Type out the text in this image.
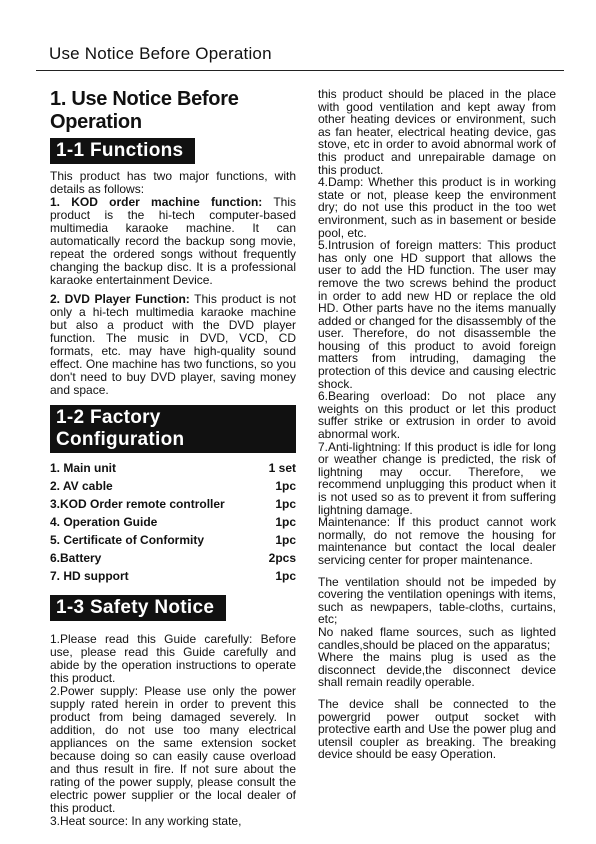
Use Notice Before Operation
1. Use Notice Before Operation
1-1 Functions

This product has two major functions, with details as follows:

1. KOD order machine function: This product is the hi-tech computer-based multimedia karaoke machine. It can automatically record the backup song movie, repeat the ordered songs without frequently changing the backup disc. It is a professional karaoke entertainment Device.

2. DVD Player Function: This product is not only a hi-tech multimedia karaoke machine but also a product with the DVD player function. The music in DVD, VCD, CD formats, etc. may have high-quality sound effect. One machine has two functions, so you don't need to buy DVD player, saving money and space.

1-2 Factory Configuration
1. Main unit	1 set
2. AV cable	1pc
3.KOD Order remote controller	1pc
4. Operation Guide	1pc
5. Certificate of Conformity	1pc
6.Battery	2pcs
7. HD support	1pc
1-3 Safety Notice

1.Please read this Guide carefully: Before use, please read this Guide carefully and abide by the operation instructions to operate this product.

2.Power supply: Please use only the power supply rated herein in order to prevent this product from being damaged severely. In addition, do not use too many electrical appliances on the same extension socket because doing so can easily cause overload and thus result in fire. If not sure about the rating of the power supply, please consult the electric power supplier or the local dealer of this product.

3.Heat source: In any working state,

this product should be placed in the place with good ventilation and kept away from other heating devices or environment, such as fan heater, electrical heating device, gas stove, etc in order to avoid abnormal work of this product and unrepairable damage on this product.

4.Damp: Whether this product is in working state or not, please keep the environment dry; do not use this product in the too wet environment, such as in basement or beside pool, etc.

5.Intrusion of foreign matters: This product has only one HD support that allows the user to add the HD function. The user may remove the two screws behind the product in order to add new HD or replace the old HD. Other parts have no the items manually added or changed for the disassembly of the user. Therefore, do not disassemble the housing of this product to avoid foreign matters from intruding, damaging the protection of this device and causing electric shock.

6.Bearing overload: Do not place any weights on this product or let this product suffer strike or extrusion in order to avoid abnormal work.

7.Anti-lightning: If this product is idle for long or weather change is predicted, the risk of lightning may occur. Therefore, we recommend unplugging this product when it is not used so as to prevent it from suffering lightning damage.

Maintenance: If this product cannot work normally, do not remove the housing for maintenance but contact the local dealer servicing center for proper maintenance.

The ventilation should not be impeded by covering the ventilation openings with items, such as newpapers, table-cloths, curtains, etc;

No naked flame sources, such as lighted candles,should be placed on the apparatus;

Where the mains plug is used as the disconnect devide,the disconnect device shall remain readily operable.

The device shall be connected to the powergrid power output socket with protective earth and Use the power plug and utensil coupler as breaking. The breaking device should be easy Operation.
